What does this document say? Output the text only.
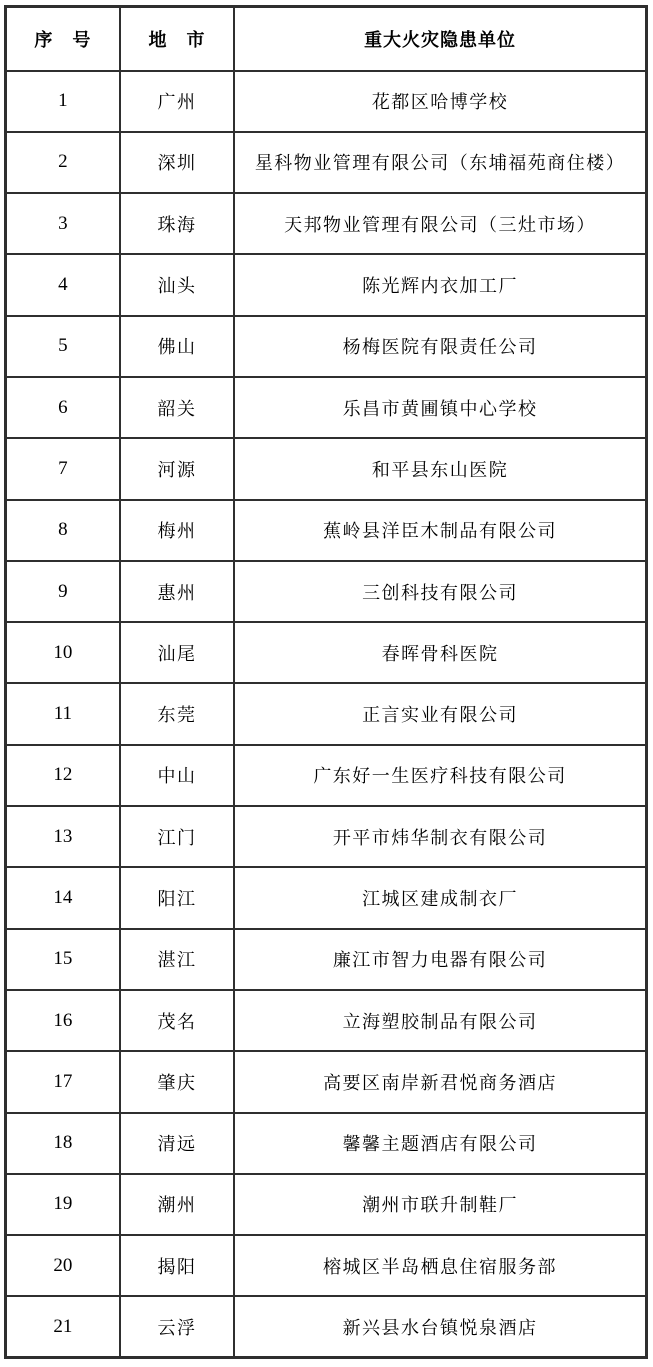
序　号	地　市	重大火灾隐患单位
1	广州	花都区哈博学校
2	深圳	星科物业管理有限公司（东埔福苑商住楼）
3	珠海	天邦物业管理有限公司（三灶市场）
4	汕头	陈光辉内衣加工厂
5	佛山	杨梅医院有限责任公司
6	韶关	乐昌市黄圃镇中心学校
7	河源	和平县东山医院
8	梅州	蕉岭县洋臣木制品有限公司
9	惠州	三创科技有限公司
10	汕尾	春晖骨科医院
11	东莞	正言实业有限公司
12	中山	广东好一生医疗科技有限公司
13	江门	开平市炜华制衣有限公司
14	阳江	江城区建成制衣厂
15	湛江	廉江市智力电器有限公司
16	茂名	立海塑胶制品有限公司
17	肇庆	高要区南岸新君悦商务酒店
18	清远	馨馨主题酒店有限公司
19	潮州	潮州市联升制鞋厂
20	揭阳	榕城区半岛栖息住宿服务部
21	云浮	新兴县水台镇悦泉酒店
